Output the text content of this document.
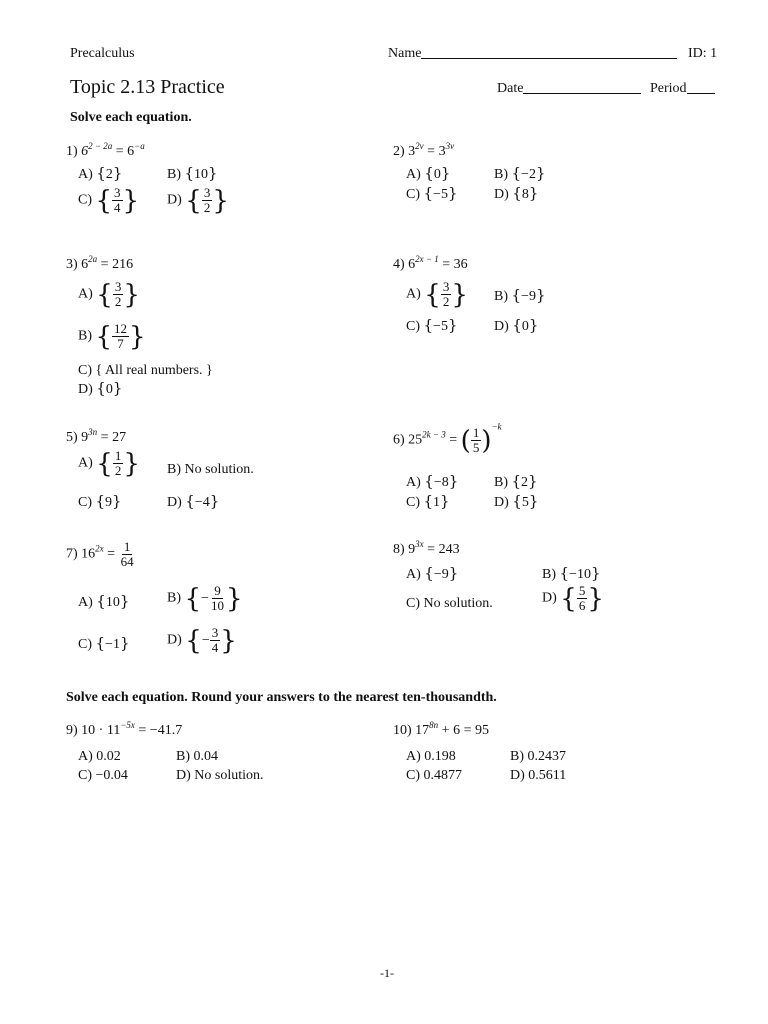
Precalculus	Name	ID: 1
Topic 2.13 Practice	Date	Period
Solve each equation.
1) $6^{2 - 2a} = 6^{-a}$
A) {2}	B) {10}
C) { $\frac{3}{4}$ } D) { $\frac{3}{2}$ }
2) $3^{2v} = 3^{3v}$
A) {0}	B) {−2}
C) {−5}	D) {8}
3) $6^{2a} = 216$
A) { $\frac{3}{2}$ }
B) { $\frac{12}{7}$ }
C) { All real numbers. }
D) {0}
4) $6^{2x - 1} = 36$
A) { $\frac{3}{2}$ } B) {−9}
C) {−5}	D) {0}
5) $9^{3n} = 27$
A) { $\frac{1}{2}$ } B) No solution.
C) {9}	D) {−4}
6) $25^{2k - 3}$ = ( $\frac{1}{5}$ ) $^{-k}$
A) {−8}	B) {2}
C) {1}	D) {5}
7) $16^{2x} = \frac{1}{64}$
A) {10}	B) { − $\frac{9}{10}$ }
C) {−1}	D) { − $\frac{3}{4}$ }
8) $9^{3x} = 243$
A) {−9}	B) {−10}
C) No solution.	D) { $\frac{5}{6}$ }
Solve each equation. Round your answers to the nearest ten-thousandth.
9) $10 \cdot 11^{-5x} = -41.7$
A) 0.02	B) 0.04
C) −0.04	D) No solution.
10) $17^{8n} + 6 = 95$
A) 0.198	B) 0.2437
C) 0.4877	D) 0.5611
-1-
